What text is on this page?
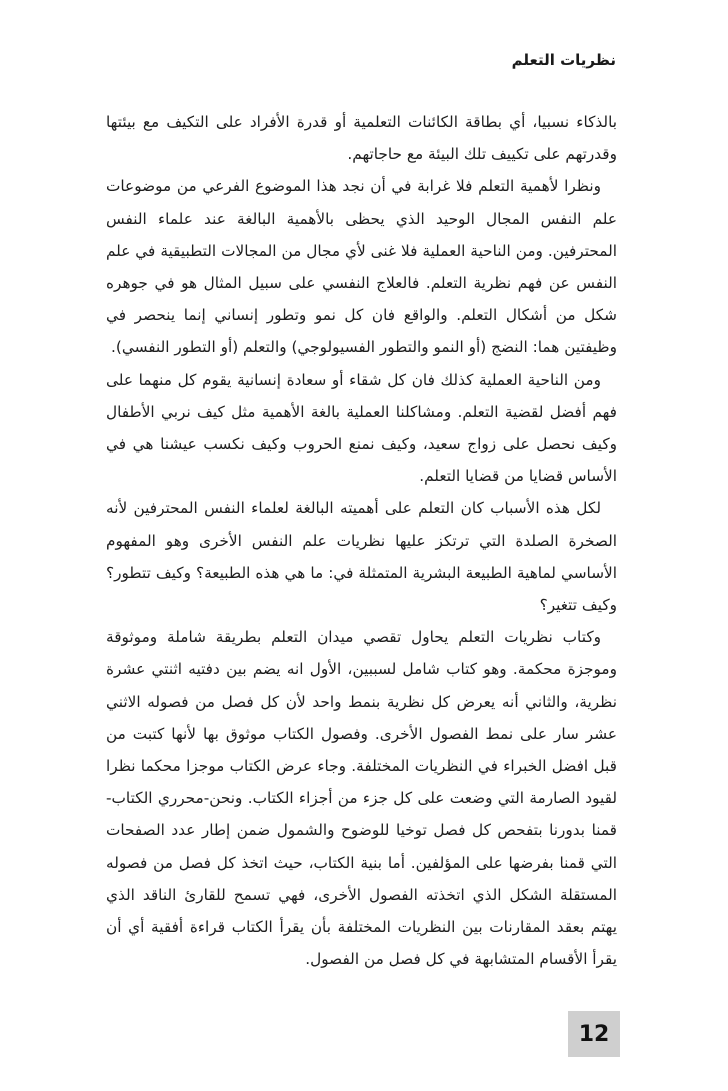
نظريات التعلم

بالذكاء نسبيا، أي بطاقة الكائنات التعلمية أو قدرة الأفراد على التكيف مع بيئتها وقدرتهم على تكييف تلك البيئة مع حاجاتهم.

ونظرا لأهمية التعلم فلا غرابة في أن نجد هذا الموضوع الفرعي من موضوعات علم النفس المجال الوحيد الذي يحظى بالأهمية البالغة عند علماء النفس المحترفين. ومن الناحية العملية فلا غنى لأي مجال من المجالات التطبيقية في علم النفس عن فهم نظرية التعلم. فالعلاج النفسي على سبيل المثال هو في جوهره شكل من أشكال التعلم. والواقع فان كل نمو وتطور إنساني إنما ينحصر في وظيفتين هما: النضج (أو النمو والتطور الفسيولوجي) والتعلم (أو التطور النفسي).

ومن الناحية العملية كذلك فان كل شقاء أو سعادة إنسانية يقوم كل منهما على فهم أفضل لقضية التعلم. ومشاكلنا العملية بالغة الأهمية مثل كيف نربي الأطفال وكيف نحصل على زواج سعيد، وكيف نمنع الحروب وكيف نكسب عيشنا هي في الأساس قضايا من قضايا التعلم.

لكل هذه الأسباب كان التعلم على أهميته البالغة لعلماء النفس المحترفين لأنه الصخرة الصلدة التي ترتكز عليها نظريات علم النفس الأخرى وهو المفهوم الأساسي لماهية الطبيعة البشرية المتمثلة في: ما هي هذه الطبيعة؟ وكيف تتطور؟ وكيف تتغير؟

وكتاب نظريات التعلم يحاول تقصي ميدان التعلم بطريقة شاملة وموثوقة وموجزة محكمة. وهو كتاب شامل لسببين، الأول انه يضم بين دفتيه اثنتي عشرة نظرية، والثاني أنه يعرض كل نظرية بنمط واحد لأن كل فصل من فصوله الاثني عشر سار على نمط الفصول الأخرى. وفصول الكتاب موثوق بها لأنها كتبت من قبل افضل الخبراء في النظريات المختلفة. وجاء عرض الكتاب موجزا محكما نظرا لقيود الصارمة التي وضعت على كل جزء من أجزاء الكتاب. ونحن-محرري الكتاب-قمنا بدورنا بتفحص كل فصل توخيا للوضوح والشمول ضمن إطار عدد الصفحات التي قمنا بفرضها على المؤلفين. أما بنية الكتاب، حيث اتخذ كل فصل من فصوله المستقلة الشكل الذي اتخذته الفصول الأخرى، فهي تسمح للقارئ الناقد الذي يهتم بعقد المقارنات بين النظريات المختلفة بأن يقرأ الكتاب قراءة أفقية أي أن يقرأ الأقسام المتشابهة في كل فصل من الفصول.

12
